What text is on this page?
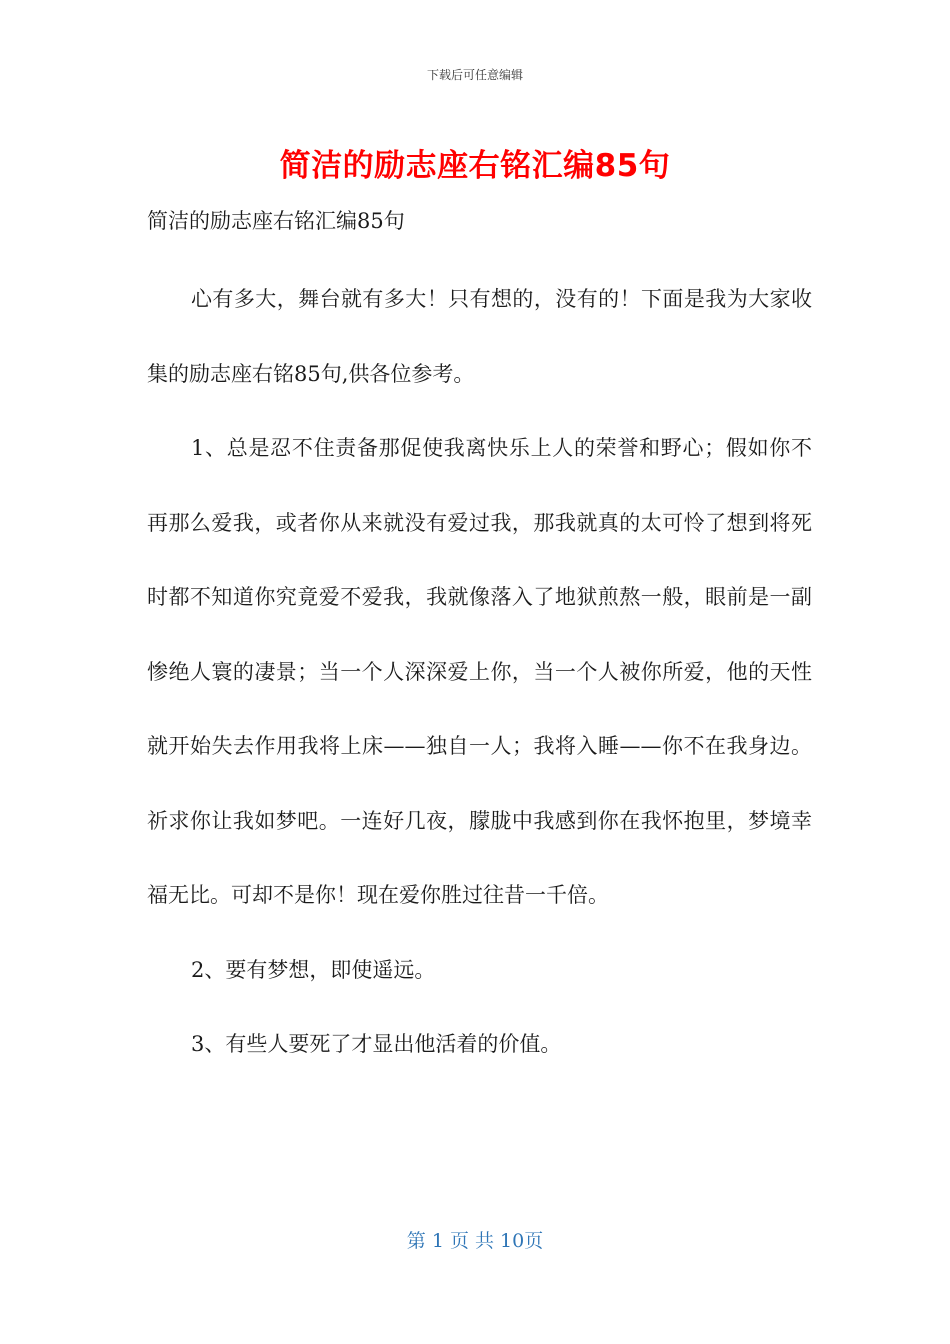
下载后可任意编辑
简洁的励志座右铭汇编85句

简洁的励志座右铭汇编85句

心有多大，舞台就有多大！只有想的，没有的！下面是我为大家收集的励志座右铭85句,供各位参考。

1、总是忍不住责备那促使我离快乐上人的荣誉和野心；假如你不再那么爱我，或者你从来就没有爱过我，那我就真的太可怜了想到将死时都不知道你究竟爱不爱我，我就像落入了地狱煎熬一般，眼前是一副惨绝人寰的凄景；当一个人深深爱上你，当一个人被你所爱，他的天性就开始失去作用我将上床——独自一人；我将入睡——你不在我身边。祈求你让我如梦吧。一连好几夜，朦胧中我感到你在我怀抱里，梦境幸福无比。可却不是你！现在爱你胜过往昔一千倍。

2、要有梦想，即使遥远。

3、有些人要死了才显出他活着的价值。

第 1 页 共 10页
